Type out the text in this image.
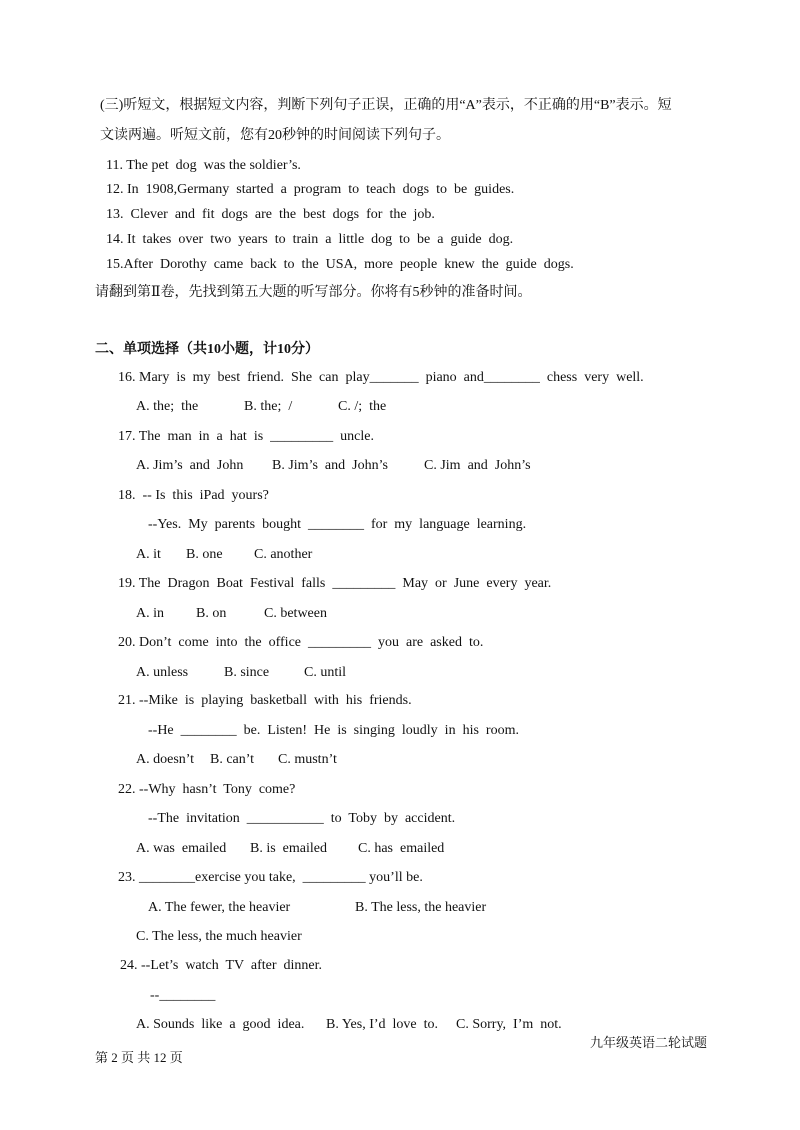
(三)听短文，根据短文内容，判断下列句子正误，正确的用“A”表示，不正确的用“B”表示。短
文读两遍。听短文前，您有20秒钟的时间阅读下列句子。
11. The pet  dog  was the soldier’s.
12. In  1908,Germany  started  a  program  to  teach  dogs  to  be  guides.
13.  Clever  and  fit  dogs  are  the  best  dogs  for  the  job.
14. It  takes  over  two  years  to  train  a  little  dog  to  be  a  guide  dog.
15.After  Dorothy  came  back  to  the  USA,  more  people  knew  the  guide  dogs.
请翻到第Ⅱ卷，先找到第五大题的听写部分。你将有5秒钟的准备时间。
二、单项选择（共10小题，计10分）
16. Mary  is  my  best  friend.  She  can  play_______  piano  and________  chess  very  well.
A. the;  the	B. the;  /	C. /;  the
17. The  man  in  a  hat  is  _________  uncle.
A. Jim’s  and  John B. Jim’s  and  John’s	C. Jim  and  John’s
18.  -- Is  this  iPad  yours?
--Yes.  My  parents  bought  ________  for  my  language  learning.
A. it B. one C. another
19. The  Dragon  Boat  Festival  falls  _________  May  or  June  every  year.
A. in B. on	C. between
20. Don’t  come  into  the  office  _________  you  are  asked  to.
A. unless	B. since C. until
21. --Mike  is  playing  basketball  with  his  friends.
--He  ________  be.  Listen!  He  is  singing  loudly  in  his  room.
A. doesn’t B. can’t C. mustn’t
22. --Why  hasn’t  Tony  come?
--The  invitation  ___________  to  Toby  by  accident.
A. was  emailed B. is  emailed C. has  emailed
23. ________exercise you take,  _________ you’ll be.
A. The fewer, the heavier	B. The less, the heavier
C. The less, the much heavier
24. --Let’s  watch  TV  after  dinner.
--________
A. Sounds  like  a  good  idea. B. Yes, I’d  love  to. C. Sorry,  I’m  not.
九年级英语二轮试题
第 2 页 共 12 页
